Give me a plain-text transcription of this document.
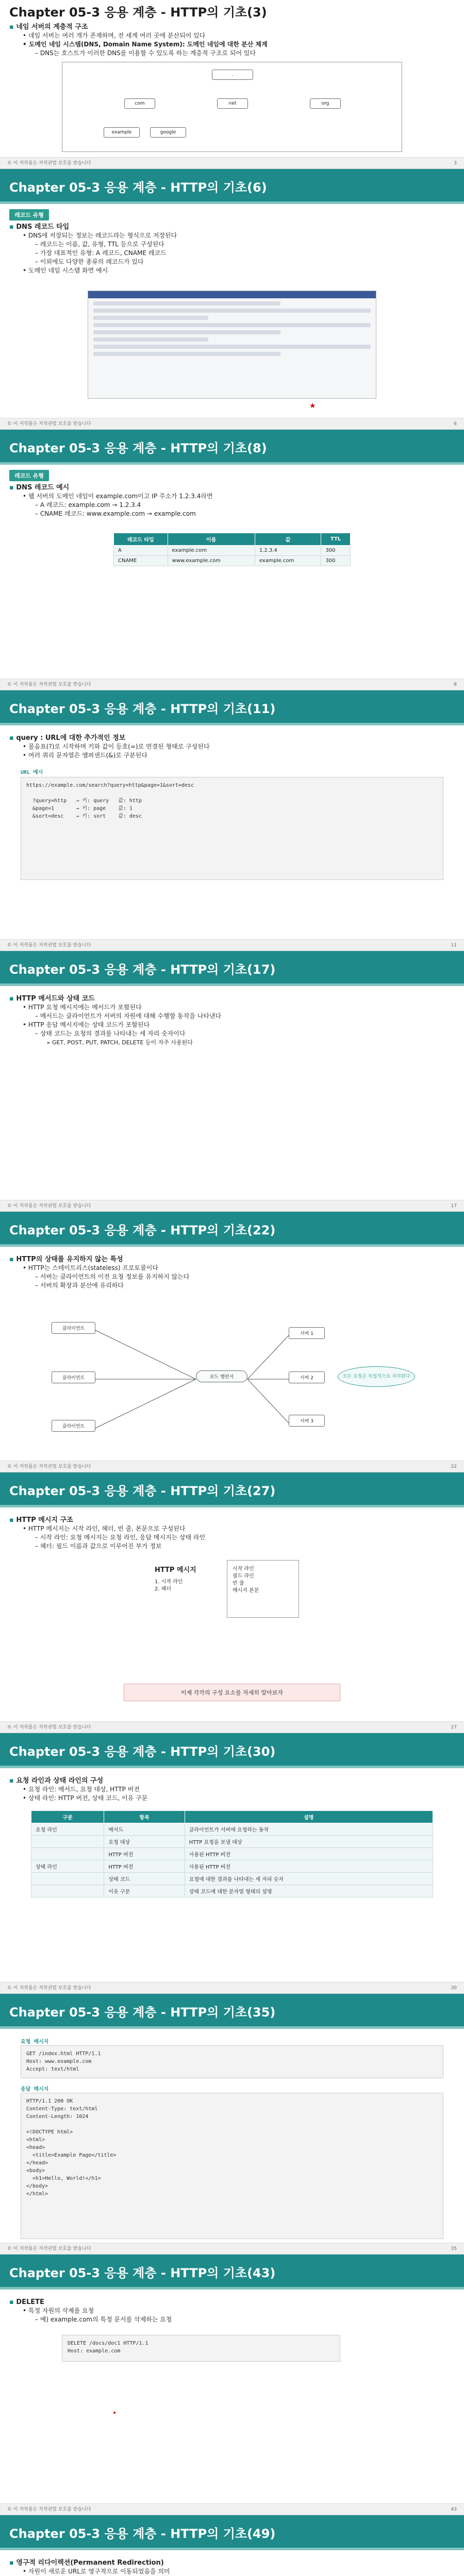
Chapter 05-3 응용 계층 - HTTP의 기초(3)
▪ 네임 서버의 계층적 구조
• 네임 서버는 여러 개가 존재하며, 전 세계 여러 곳에 분산되어 있다
• 도메인 네임 시스템(DNS, Domain Name System): 도메인 네임에 대한 분산 체계
– DNS는 호스트가 이러한 DNS를 이용할 수 있도록 하는 계층적 구조로 되어 있다
.
com	net	org
example	google
© 이 저작물은 저작권법 보호를 받습니다	3
Chapter 05-3 응용 계층 - HTTP의 기초(6)
레코드 유형
▪ DNS 레코드 타입
• DNS에 저장되는 정보는 레코드라는 형식으로 저장된다
– 레코드는 이름, 값, 유형, TTL 등으로 구성된다
– 가장 대표적인 유형: A 레코드, CNAME 레코드
– 이외에도 다양한 종류의 레코드가 있다
• 도메인 네임 시스템 화면 예시
★
© 이 저작물은 저작권법 보호를 받습니다	6
Chapter 05-3 응용 계층 - HTTP의 기초(8)
레코드 유형
▪ DNS 레코드 예시
• 웹 서버의 도메인 네임이 example.com이고 IP 주소가 1.2.3.4라면
– A 레코드: example.com → 1.2.3.4
– CNAME 레코드: www.example.com → example.com
레코드 타입	이름	값	TTL
A	example.com	1.2.3.4	300
CNAME	www.example.com	example.com	300
© 이 저작물은 저작권법 보호를 받습니다	8
Chapter 05-3 응용 계층 - HTTP의 기초(11)
▪ query : URL에 대한 추가적인 정보
• 물음표(?)로 시작하며 키와 값이 등호(=)로 연결된 형태로 구성된다
• 여러 쿼리 문자열은 앰퍼샌드(&)로 구분된다
URL 예시
https://example.com/search?query=http&page=1&sort=desc

?query=http   → 키: query   값: http
&page=1       → 키: page    값: 1
&sort=desc    → 키: sort    값: desc
© 이 저작물은 저작권법 보호를 받습니다	11
Chapter 05-3 응용 계층 - HTTP의 기초(17)
▪ HTTP 메서드와 상태 코드
• HTTP 요청 메시지에는 메서드가 포함된다
– 메서드는 클라이언트가 서버의 자원에 대해 수행할 동작을 나타낸다
• HTTP 응답 메시지에는 상태 코드가 포함된다
– 상태 코드는 요청의 결과를 나타내는 세 자리 숫자이다
▸ GET, POST, PUT, PATCH, DELETE 등이 자주 사용된다
© 이 저작물은 저작권법 보호를 받습니다	17
Chapter 05-3 응용 계층 - HTTP의 기초(22)
▪ HTTP의 상태를 유지하지 않는 특성
• HTTP는 스테이트리스(stateless) 프로토콜이다
– 서버는 클라이언트의 이전 요청 정보를 유지하지 않는다
– 서버의 확장과 분산에 유리하다
클라이언트
클라이언트
클라이언트
로드 밸런서
서버 1
서버 2
서버 3
모든 요청은 독립적으로 처리된다
© 이 저작물은 저작권법 보호를 받습니다	22
Chapter 05-3 응용 계층 - HTTP의 기초(27)
▪ HTTP 메시지 구조
• HTTP 메시지는 시작 라인, 헤더, 빈 줄, 본문으로 구성된다
– 시작 라인: 요청 메시지는 요청 라인, 응답 메시지는 상태 라인
– 헤더: 필드 이름과 값으로 이루어진 부가 정보
HTTP 메시지
1. 시작 라인
2. 헤더
시작 라인
필드 라인
빈 줄
메시지 본문
이제 각각의 구성 요소를 자세히 알아보자
© 이 저작물은 저작권법 보호를 받습니다	27
Chapter 05-3 응용 계층 - HTTP의 기초(30)
▪ 요청 라인과 상태 라인의 구성
• 요청 라인: 메서드, 요청 대상, HTTP 버전
• 상태 라인: HTTP 버전, 상태 코드, 이유 구문
구분	항목	설명
요청 라인	메서드	클라이언트가 서버에 요청하는 동작
	요청 대상	HTTP 요청을 보낼 대상
	HTTP 버전	사용된 HTTP 버전
상태 라인	HTTP 버전	사용된 HTTP 버전
	상태 코드	요청에 대한 결과를 나타내는 세 자리 숫자
	이유 구문	상태 코드에 대한 문자열 형태의 설명
© 이 저작물은 저작권법 보호를 받습니다	30
Chapter 05-3 응용 계층 - HTTP의 기초(35)
요청 메시지
GET /index.html HTTP/1.1
Host: www.example.com
Accept: text/html
응답 메시지
HTTP/1.1 200 OK
Content-Type: text/html
Content-Length: 1024

<!DOCTYPE html>
<html>
<head>
<title>Example Page</title>
</head>
<body>
<h1>Hello, World!</h1>
</body>
</html>
© 이 저작물은 저작권법 보호를 받습니다	35
Chapter 05-3 응용 계층 - HTTP의 기초(43)
▪ DELETE
• 특정 자원의 삭제를 요청
– 예) example.com의 특정 문서를 삭제하는 요청
DELETE /docs/doc1 HTTP/1.1
Host: example.com
•
© 이 저작물은 저작권법 보호를 받습니다	43
Chapter 05-3 응용 계층 - HTTP의 기초(49)
▪ 영구적 리다이렉션(Permanent Redirection)
• 자원이 새로운 URL로 영구적으로 이동되었음을 의미
